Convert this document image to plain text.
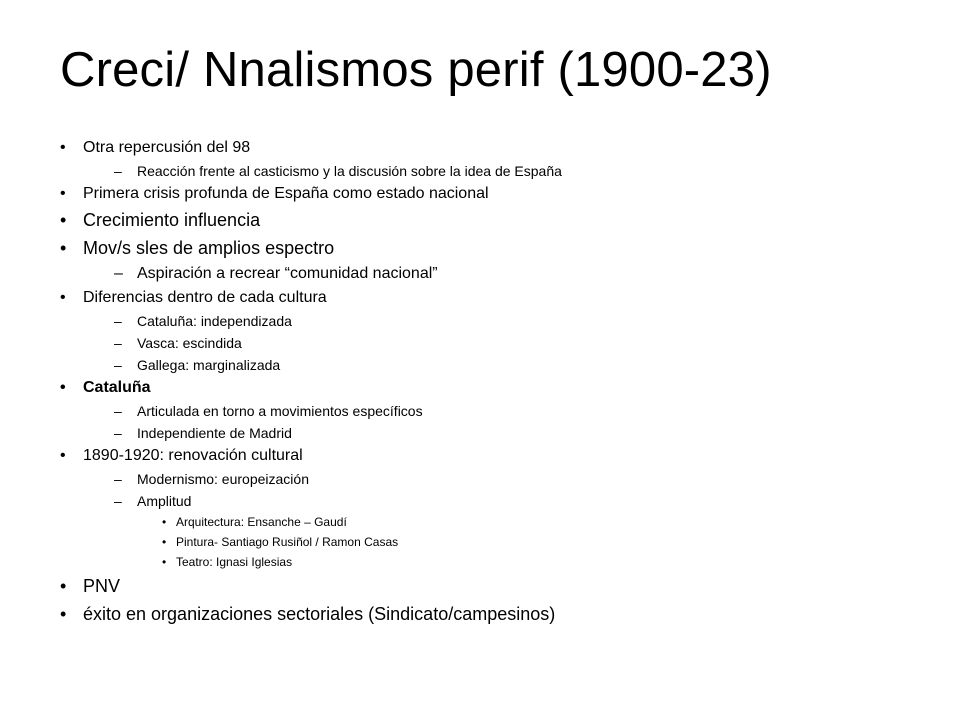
Creci/ Nnalismos perif (1900-23)
• Otra repercusión del 98
– Reacción frente al casticismo y la discusión sobre la idea de España
• Primera crisis profunda de España como estado nacional
• Crecimiento influencia
• Mov/s sles de amplios espectro
– Aspiración a recrear “comunidad nacional”
• Diferencias dentro de cada cultura
– Cataluña: independizada
– Vasca: escindida
– Gallega: marginalizada
• Cataluña
– Articulada en torno a movimientos específicos
– Independiente de Madrid
• 1890-1920: renovación cultural
– Modernismo: europeización
– Amplitud
• Arquitectura: Ensanche – Gaudí
• Pintura- Santiago Rusiñol / Ramon Casas
• Teatro: Ignasi Iglesias
• PNV
• éxito en organizaciones sectoriales (Sindicato/campesinos)
